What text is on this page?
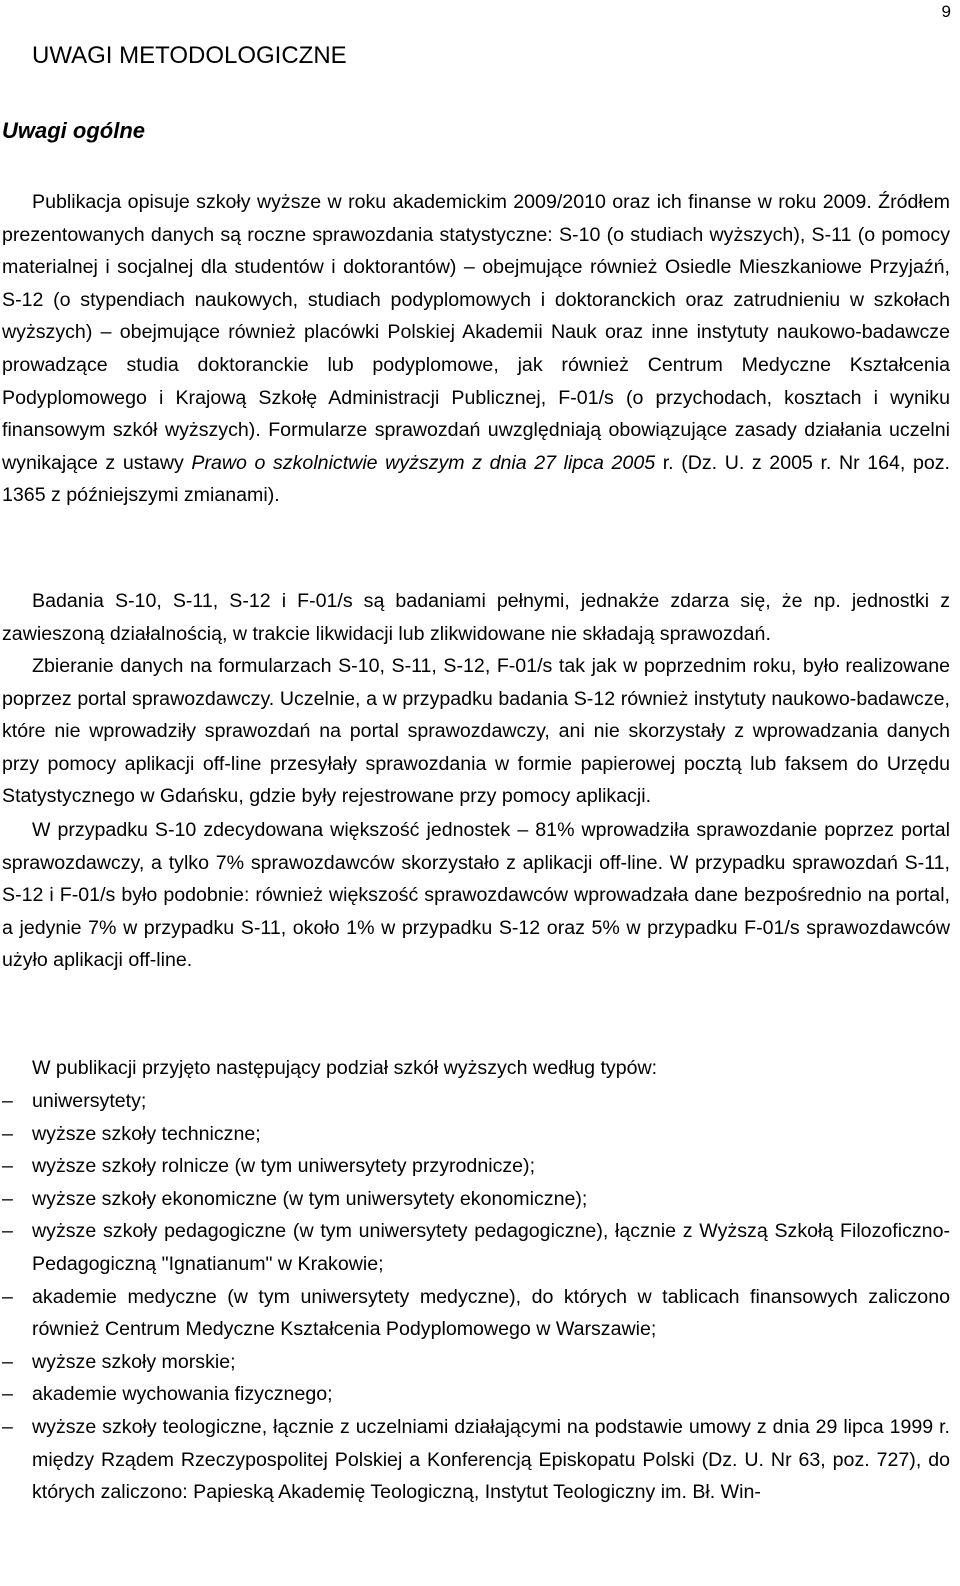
9
UWAGI METODOLOGICZNE
Uwagi ogólne

Publikacja opisuje szkoły wyższe w roku akademickim 2009/2010 oraz ich finanse w roku 2009. Źródłem prezentowanych danych są roczne sprawozdania statystyczne: S-10 (o studiach wyższych), S-11 (o pomocy materialnej i socjalnej dla studentów i doktorantów) – obejmujące również Osiedle Mieszkaniowe Przyjaźń, S-12 (o stypendiach naukowych, studiach podyplomowych i doktoranckich oraz zatrudnieniu w szkołach wyższych) – obejmujące również placówki Polskiej Akademii Nauk oraz inne instytuty naukowo-badawcze prowadzące studia doktoranckie lub podyplomowe, jak również Centrum Medyczne Kształcenia Podyplomowego i Krajową Szkołę Administracji Publicznej, F-01/s (o przychodach, kosztach i wyniku finansowym szkół wyższych). Formularze sprawozdań uwzględniają obowiązujące zasady działania uczelni wynikające z ustawy Prawo o szkolnictwie wyższym z dnia 27 lipca 2005 r. (Dz. U. z 2005 r. Nr 164, poz. 1365 z późniejszymi zmianami).

Badania S-10, S-11, S-12 i F-01/s są badaniami pełnymi, jednakże zdarza się, że np. jednostki z zawieszoną działalnością, w trakcie likwidacji lub zlikwidowane nie składają sprawozdań.

Zbieranie danych na formularzach S-10, S-11, S-12, F-01/s tak jak w poprzednim roku, było realizowane poprzez portal sprawozdawczy. Uczelnie, a w przypadku badania S-12 również instytuty naukowo-badawcze, które nie wprowadziły sprawozdań na portal sprawozdawczy, ani nie skorzystały z wprowadzania danych przy pomocy aplikacji off-line przesyłały sprawozdania w formie papierowej pocztą lub faksem do Urzędu Statystycznego w Gdańsku, gdzie były rejestrowane przy pomocy aplikacji.

W przypadku S-10 zdecydowana większość jednostek – 81% wprowadziła sprawozdanie poprzez portal sprawozdawczy, a tylko 7% sprawozdawców skorzystało z aplikacji off-line. W przypadku sprawozdań S-11, S-12 i F-01/s było podobnie: również większość sprawozdawców wprowadzała dane bezpośrednio na portal, a jedynie 7% w przypadku S-11, około 1% w przypadku S-12 oraz 5% w przypadku F-01/s sprawozdawców użyło aplikacji off-line.

W publikacji przyjęto następujący podział szkół wyższych według typów:

– uniwersytety;
– wyższe szkoły techniczne;
– wyższe szkoły rolnicze (w tym uniwersytety przyrodnicze);
– wyższe szkoły ekonomiczne (w tym uniwersytety ekonomiczne);
– wyższe szkoły pedagogiczne (w tym uniwersytety pedagogiczne), łącznie z Wyższą Szkołą Filozoficzno-Pedagogiczną "Ignatianum" w Krakowie;
– akademie medyczne (w tym uniwersytety medyczne), do których w tablicach finansowych zaliczono również Centrum Medyczne Kształcenia Podyplomowego w Warszawie;
– wyższe szkoły morskie;
– akademie wychowania fizycznego;
– wyższe szkoły teologiczne, łącznie z uczelniami działającymi na podstawie umowy z dnia 29 lipca 1999 r. między Rządem Rzeczypospolitej Polskiej a Konferencją Episkopatu Polski (Dz. U. Nr 63, poz. 727), do których zaliczono: Papieską Akademię Teologiczną, Instytut Teologiczny im. Bł. Win-
